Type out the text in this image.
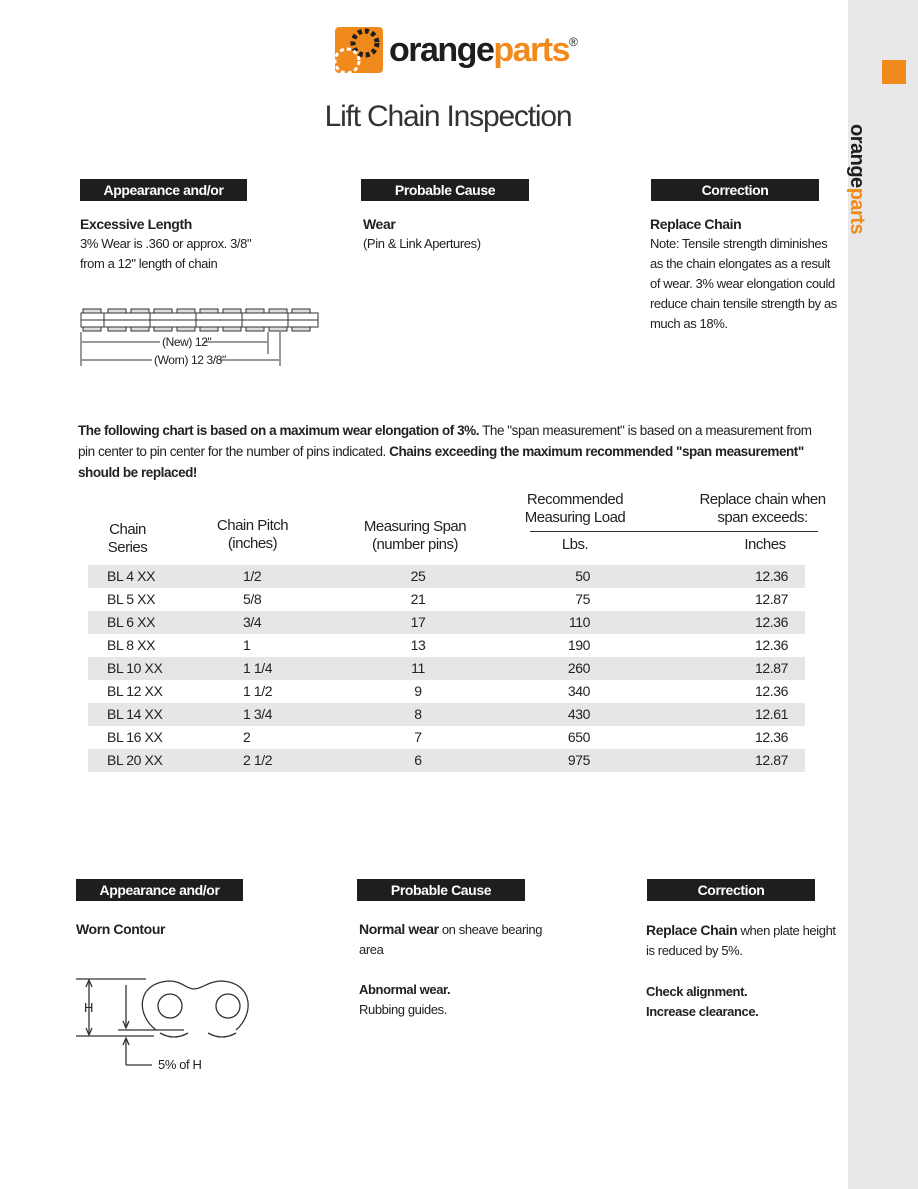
orangeparts
orange parts ®
Lift Chain Inspection
Appearance and/or symptom
Probable Cause	Correction
Excessive Length
3% Wear is .360 or approx. 3/8"
from a 12" length of chain
Wear
(Pin & Link Apertures)
Replace Chain
Note: Tensile strength diminishes
as the chain elongates as a result
of wear. 3% wear elongation could
reduce chain tensile strength by as
much as 18%.
(New) 12"
(Worn) 12 3/8"
The following chart is based on a maximum wear elongation of 3%. The "span measurement" is based on a measurement from pin center to pin center for the number of pins indicated. Chains exceeding the maximum recommended "span measurement" should be replaced!
Chain
Series
Chain Pitch
(inches)
Measuring Span
(number pins)
Recommended
Measuring Load
Lbs.
Replace chain when
span exceeds:
Inches
BL 4 XX	1/2	25	50	12.36
BL 5 XX	5/8	21	75	12.87
BL 6 XX	3/4	17	110	12.36
BL 8 XX	1	13	190	12.36
BL 10 XX	1 1/4	11	260	12.87
BL 12 XX	1 1/2	9	340	12.36
BL 14 XX	1 3/4	8	430	12.61
BL 16 XX	2	7	650	12.36
BL 20 XX	2 1/2	6	975	12.87
Appearance and/or symptom
Probable Cause	Correction
Worn Contour	Normal wear on sheave bearing
area
Abnormal wear.
Rubbing guides.
Replace Chain when plate height
is reduced by 5%.
Check alignment.
Increase clearance.
H
5% of H
